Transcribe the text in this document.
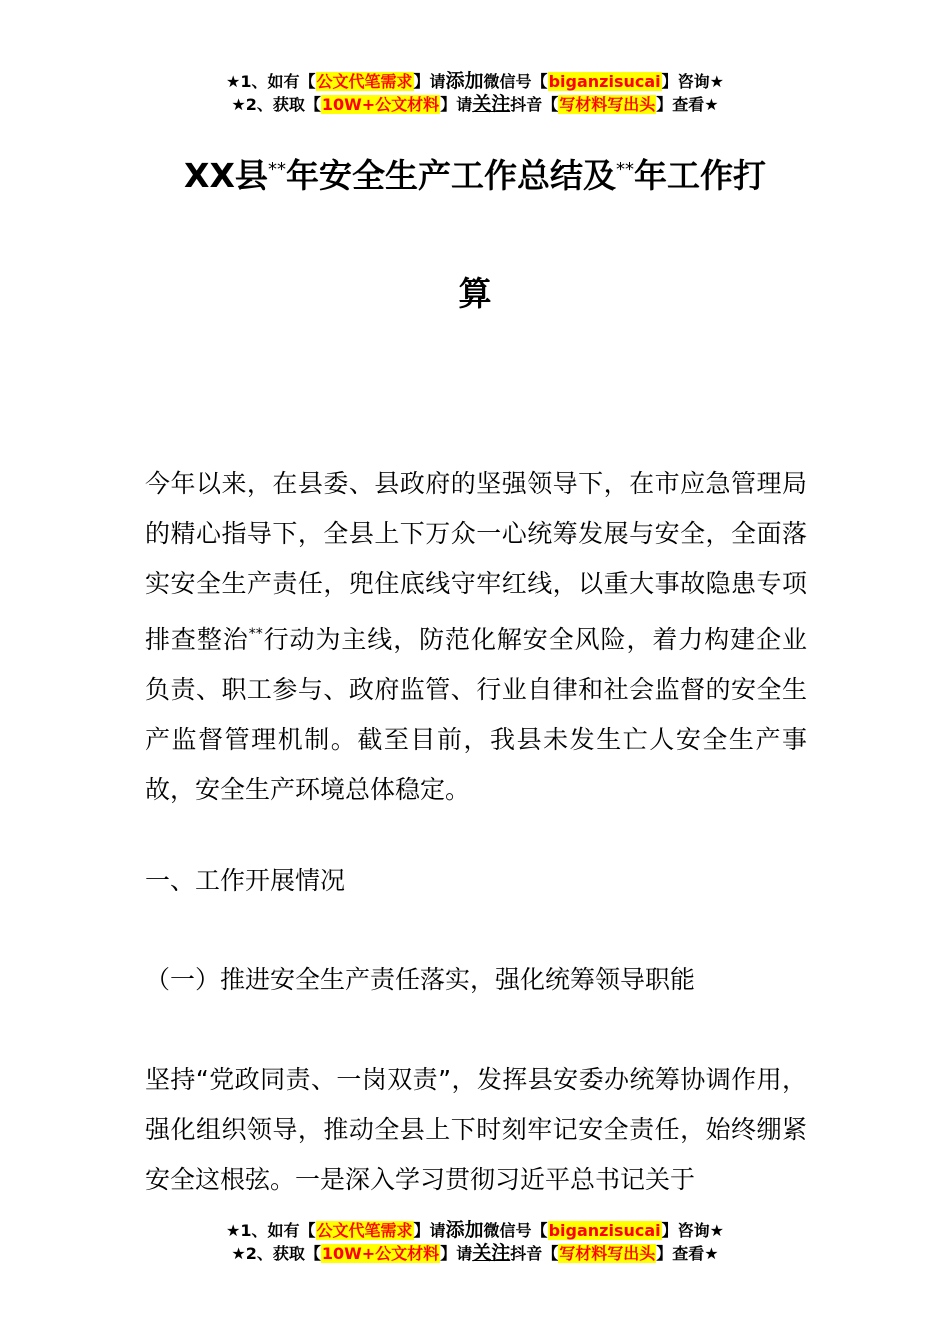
★1、如有【公文代笔需求】请添加微信号【biganzisucai】咨询★
★2、获取【10W+公文材料】请关注抖音【写材料写出头】查看★
XX县**年安全生产工作总结及**年工作打
算
今年以来，在县委、县政府的坚强领导下，在市应急管理局的精心指导下，全县上下万众一心统筹发展与安全，全面落实安全生产责任，兜住底线守牢红线，以重大事故隐患专项排查整治**行动为主线，防范化解安全风险，着力构建企业负责、职工参与、政府监管、行业自律和社会监督的安全生产监督管理机制。截至目前，我县未发生亡人安全生产事故，安全生产环境总体稳定。
一、工作开展情况
（一）推进安全生产责任落实，强化统筹领导职能
坚持“党政同责、一岗双责”，发挥县安委办统筹协调作用，强化组织领导，推动全县上下时刻牢记安全责任，始终绷紧安全这根弦。一是深入学习贯彻习近平总书记关于
★1、如有【公文代笔需求】请添加微信号【biganzisucai】咨询★
★2、获取【10W+公文材料】请关注抖音【写材料写出头】查看★
